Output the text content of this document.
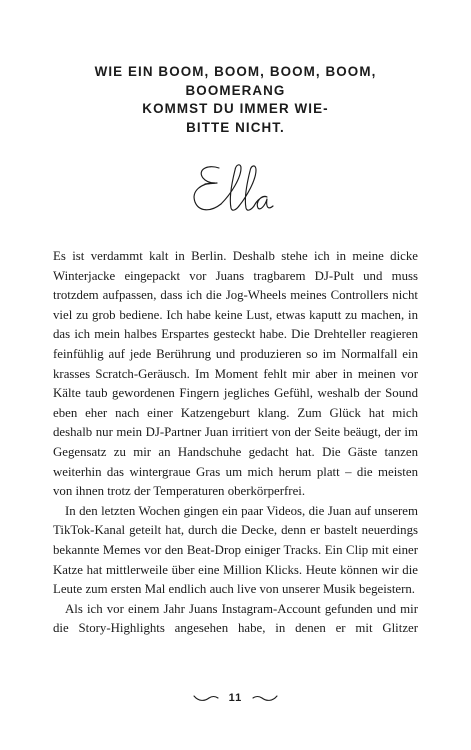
WIE EIN BOOM, BOOM, BOOM, BOOM,
BOOMERANG
KOMMST DU IMMER WIE-
BITTE NICHT.

Es ist verdammt kalt in Berlin. Deshalb stehe ich in meine dicke Winterjacke eingepackt vor Juans tragbarem DJ-Pult und muss trotzdem aufpassen, dass ich die Jog-Wheels meines Controllers nicht viel zu grob bediene. Ich habe keine Lust, etwas kaputt zu machen, in das ich mein halbes Erspartes gesteckt habe. Die Drehteller reagieren feinfühlig auf jede Berührung und produzieren so im Normalfall ein krasses Scratch-Geräusch. Im Moment fehlt mir aber in meinen vor Kälte taub gewordenen Fingern jegliches Gefühl, weshalb der Sound eben eher nach einer Katzengeburt klang. Zum Glück hat mich deshalb nur mein DJ-Partner Juan irritiert von der Seite beäugt, der im Gegensatz zu mir an Handschuhe gedacht hat. Die Gäste tanzen weiterhin das wintergraue Gras um mich herum platt – die meisten von ihnen trotz der Temperaturen oberkörperfrei.

In den letzten Wochen gingen ein paar Videos, die Juan auf unserem TikTok-Kanal geteilt hat, durch die Decke, denn er bastelt neuerdings bekannte Memes vor den Beat-Drop einiger Tracks. Ein Clip mit einer Katze hat mittlerweile über eine Million Klicks. Heute können wir die Leute zum ersten Mal endlich auch live von unserer Musik begeistern.

Als ich vor einem Jahr Juans Instagram-Account gefunden und mir die Story-Highlights angesehen habe, in denen er mit Glitzer

11
